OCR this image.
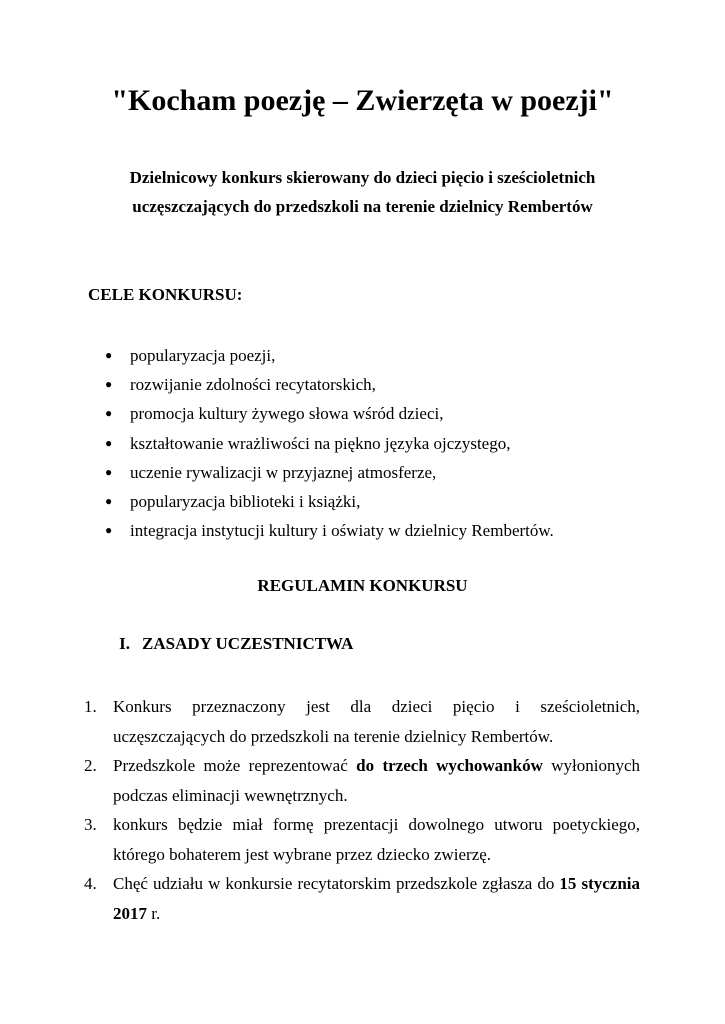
"Kocham poezję – Zwierzęta w poezji"

Dzielnicowy konkurs skierowany do dzieci pięcio i sześcioletnich
uczęszczających do przedszkoli na terenie dzielnicy Rembertów

CELE KONKURSU:
● popularyzacja poezji,
● rozwijanie zdolności recytatorskich,
● promocja kultury żywego słowa wśród dzieci,
● kształtowanie wrażliwości na piękno języka ojczystego,
● uczenie rywalizacji w przyjaznej atmosferze,
● popularyzacja biblioteki i książki,
● integracja instytucji kultury i oświaty w dzielnicy Rembertów.
REGULAMIN KONKURSU
I. ZASADY UCZESTNICTWA
1. Konkurs przeznaczony jest dla dzieci pięcio i sześcioletnich,
uczęszczających do przedszkoli na terenie dzielnicy Rembertów.
2. Przedszkole może reprezentować do trzech wychowanków wyłonionych
podczas eliminacji wewnętrznych.
3. konkurs będzie miał formę prezentacji dowolnego utworu poetyckiego,
którego bohaterem jest wybrane przez dziecko zwierzę.
4. Chęć udziału w konkursie recytatorskim przedszkole zgłasza do 15 stycznia
2017 r.
